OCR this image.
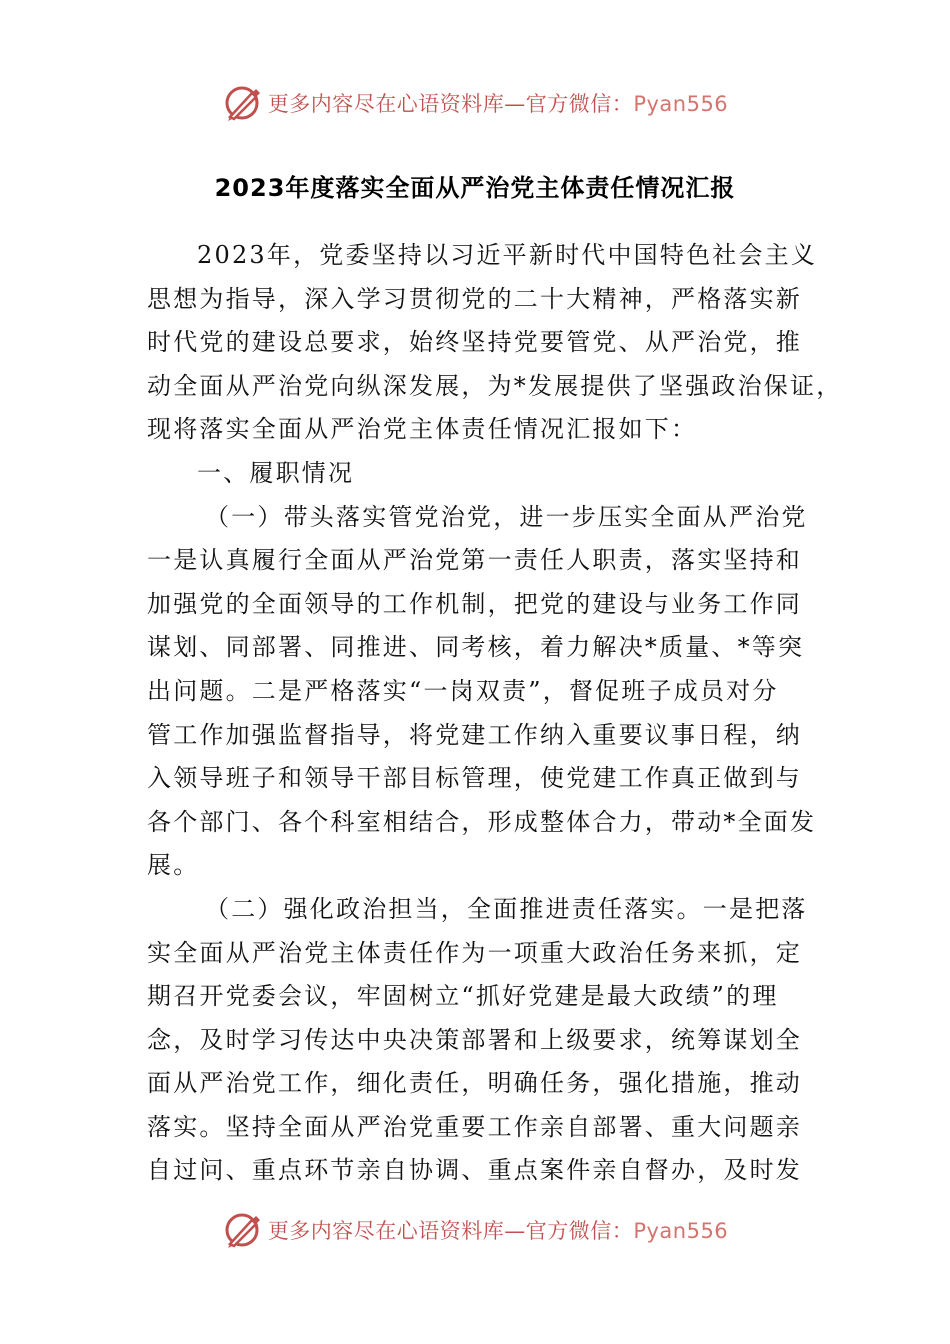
更多内容尽在心语资料库—官方微信：Pyan556
2023年度落实全面从严治党主体责任情况汇报
2023年，党委坚持以习近平新时代中国特色社会主义
思想为指导，深入学习贯彻党的二十大精神，严格落实新
时代党的建设总要求，始终坚持党要管党、从严治党，推
动全面从严治党向纵深发展，为*发展提供了坚强政治保证，
现将落实全面从严治党主体责任情况汇报如下：
一、履职情况
（一）带头落实管党治党，进一步压实全面从严治党
一是认真履行全面从严治党第一责任人职责，落实坚持和
加强党的全面领导的工作机制，把党的建设与业务工作同
谋划、同部署、同推进、同考核，着力解决*质量、*等突
出问题。二是严格落实“一岗双责”，督促班子成员对分
管工作加强监督指导，将党建工作纳入重要议事日程，纳
入领导班子和领导干部目标管理，使党建工作真正做到与
各个部门、各个科室相结合，形成整体合力，带动*全面发
展。
（二）强化政治担当，全面推进责任落实。一是把落
实全面从严治党主体责任作为一项重大政治任务来抓，定
期召开党委会议，牢固树立“抓好党建是最大政绩”的理
念，及时学习传达中央决策部署和上级要求，统筹谋划全
面从严治党工作，细化责任，明确任务，强化措施，推动
落实。坚持全面从严治党重要工作亲自部署、重大问题亲
自过问、重点环节亲自协调、重点案件亲自督办，及时发
更多内容尽在心语资料库—官方微信：Pyan556
